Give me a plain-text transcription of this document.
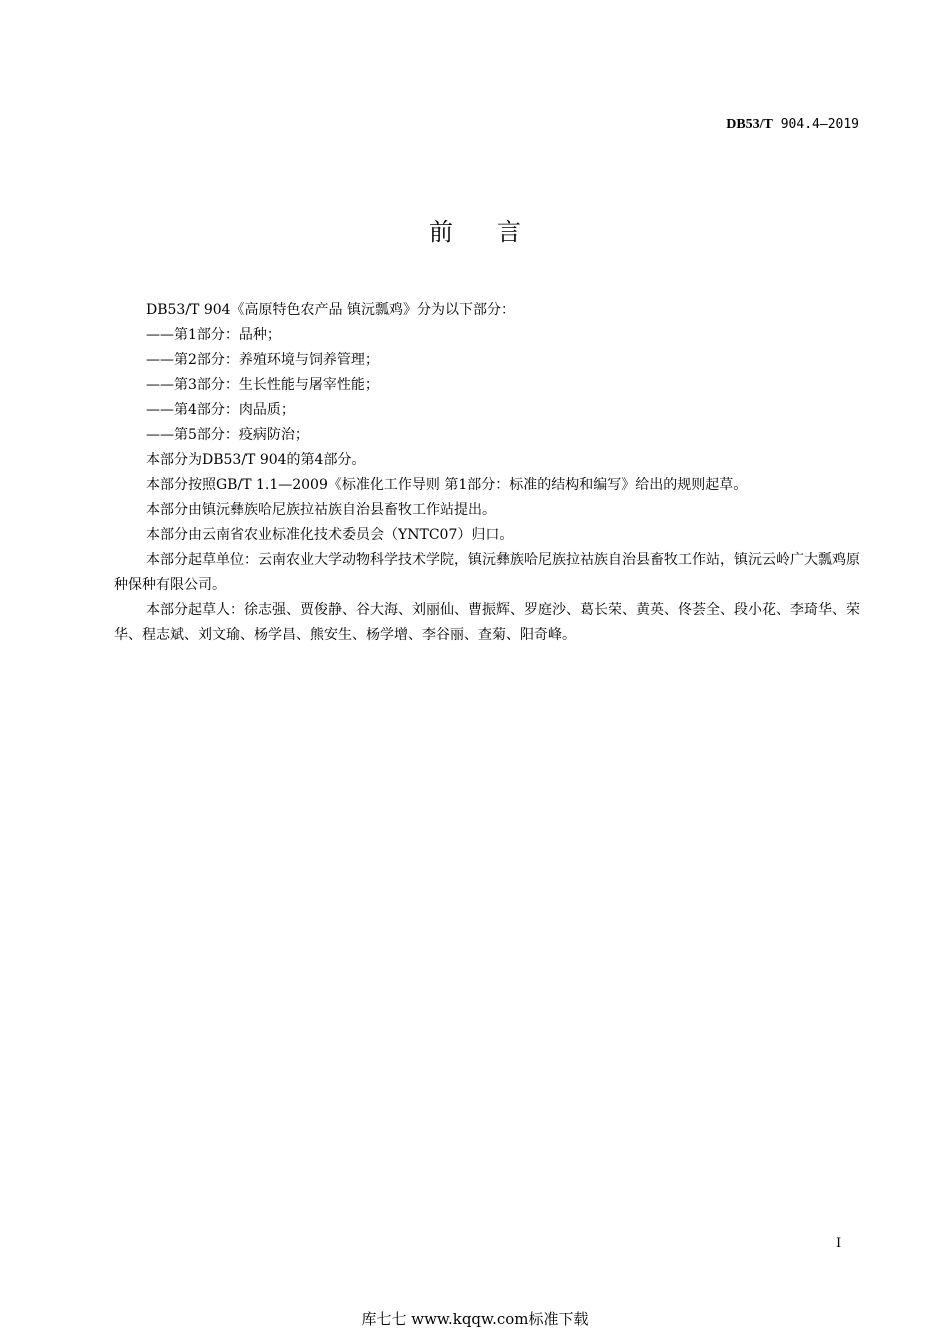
DB53/T 904.4—2019
前言

DB53/T 904《高原特色农产品 镇沅瓢鸡》分为以下部分：

——第1部分：品种；

——第2部分：养殖环境与饲养管理；

——第3部分：生长性能与屠宰性能；

——第4部分：肉品质；

——第5部分：疫病防治；

本部分为DB53/T 904的第4部分。

本部分按照GB/T 1.1—2009《标准化工作导则 第1部分：标准的结构和编写》给出的规则起草。

本部分由镇沅彝族哈尼族拉祜族自治县畜牧工作站提出。

本部分由云南省农业标准化技术委员会（YNTC07）归口。

本部分起草单位：云南农业大学动物科学技术学院，镇沅彝族哈尼族拉祜族自治县畜牧工作站，镇沅云岭广大瓢鸡原种保种有限公司。

本部分起草人：徐志强、贾俊静、谷大海、刘丽仙、曹振辉、罗庭沙、葛长荣、黄英、佟荟全、段小花、李琦华、荣华、程志斌、刘文瑜、杨学昌、熊安生、杨学增、李谷丽、查菊、阳奇峰。

I
库七七 www.kqqw.com标准下载
